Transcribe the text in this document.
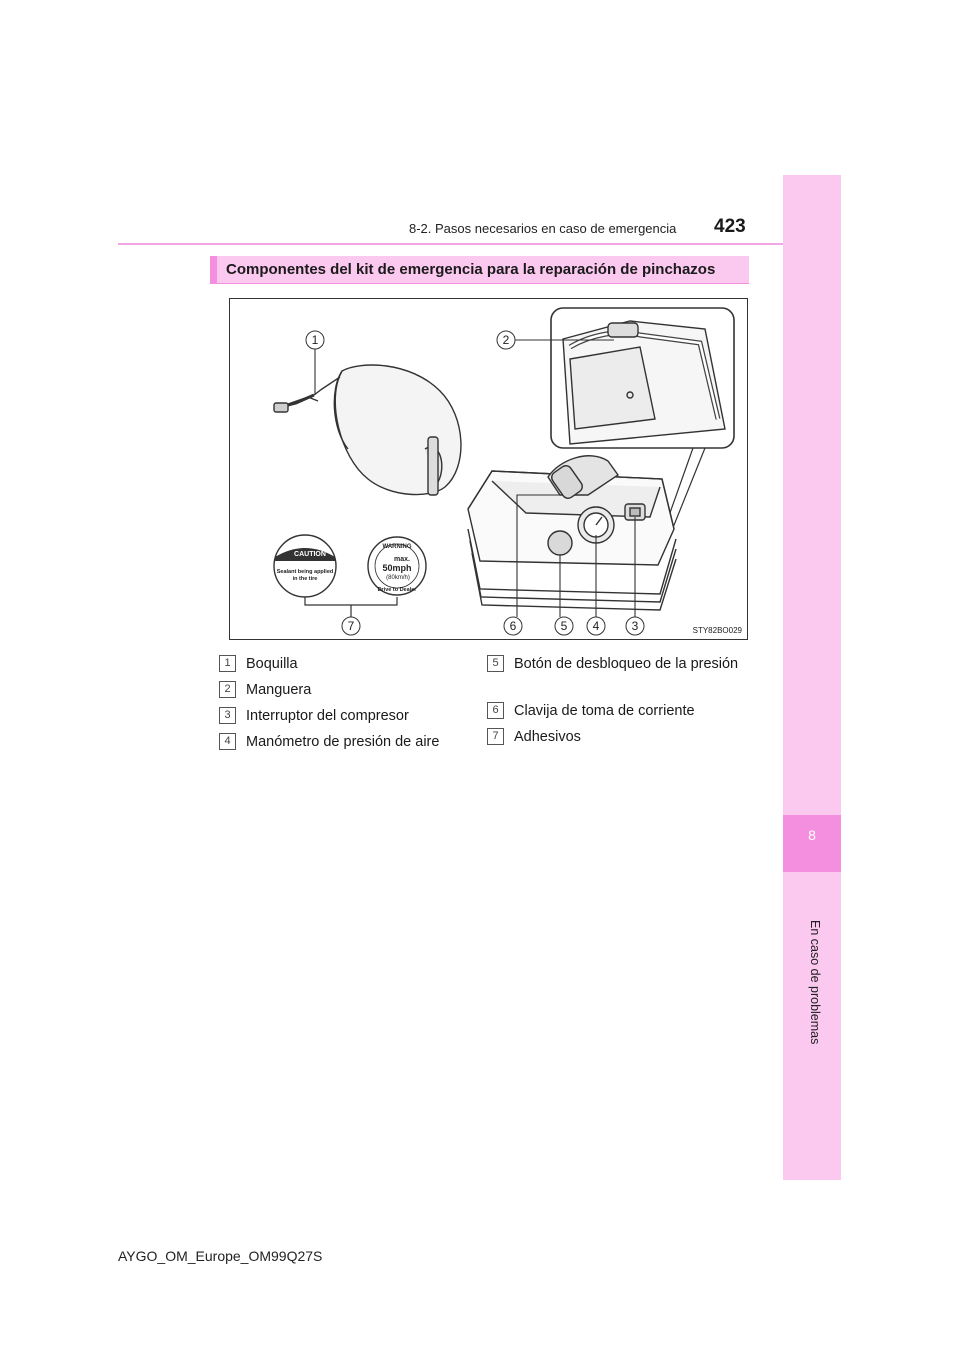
8
En caso de problemas
8-2. Pasos necesarios en caso de emergencia 423
Componentes del kit de emergencia para la reparación de pinchazos
CAUTION
Sealant being applied
in the tire
WARNING
max.
50mph
(80km/h)
Drive to Dealer
1	2
3
4
5
6
7	STY82BO029
1	Boquilla
2	Manguera
3	Interruptor del compresor
4	Manómetro de presión de aire
5	Botón de desbloqueo de la presión
6	Clavija de toma de corriente
7	Adhesivos
AYGO_OM_Europe_OM99Q27S
